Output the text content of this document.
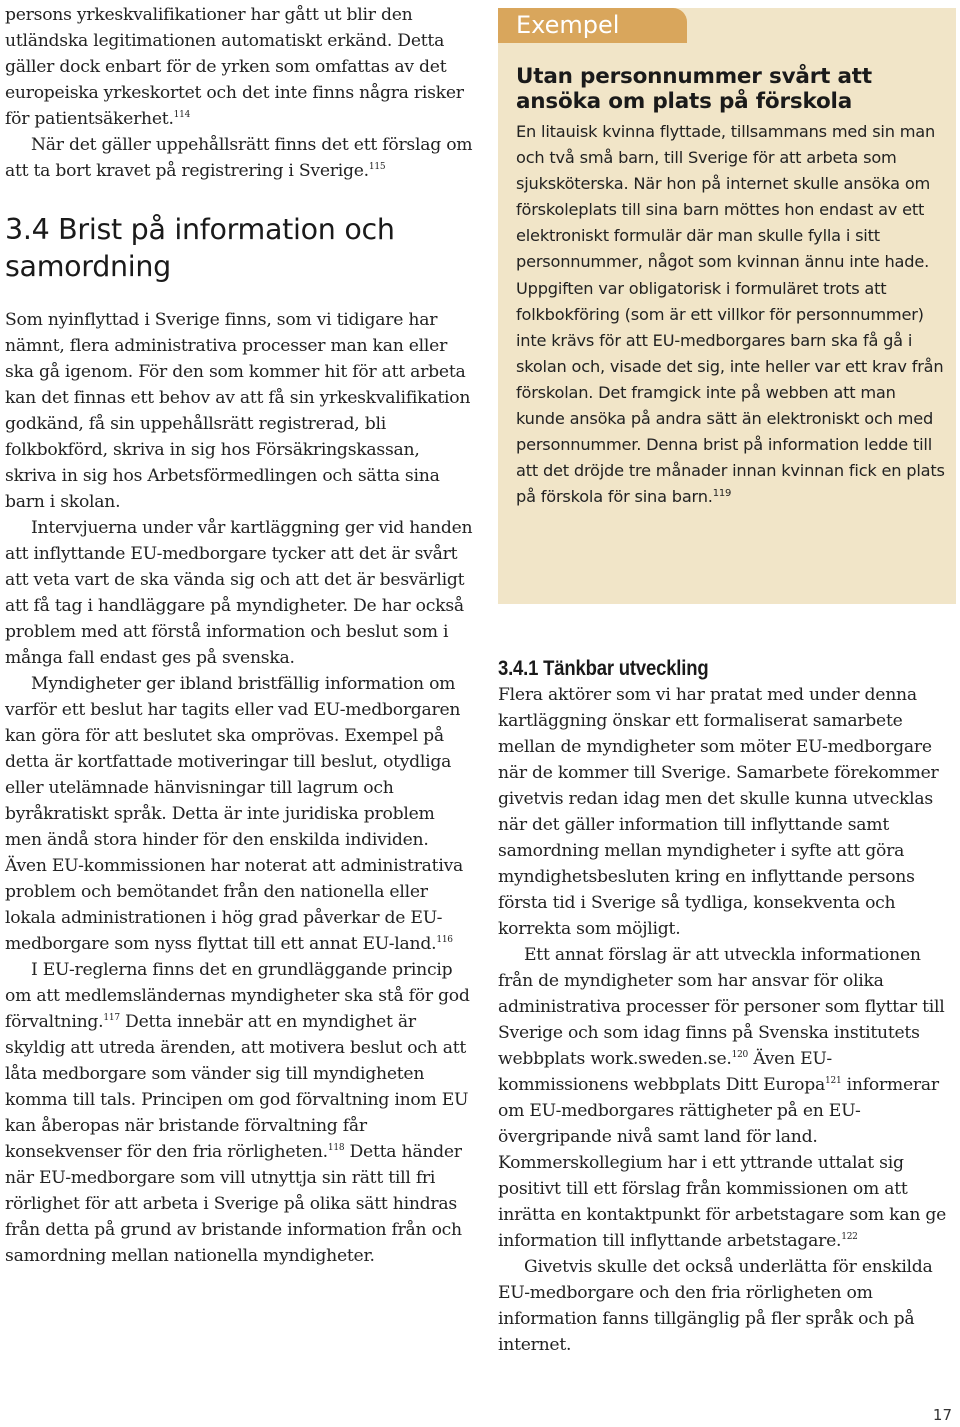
persons yrkeskvalifikationer har gått ut blir den utländska legitimationen automatiskt erkänd. Detta gäller dock enbart för de yrken som omfattas av det europeiska yrkeskortet och det inte finns några risker för patientsäkerhet.$^{114}$

När det gäller uppehållsrätt finns det ett förslag om att ta bort kravet på registrering i Sverige.$^{115}$

3.4 Brist på information och samordning

Som nyinflyttad i Sverige finns, som vi tidigare har nämnt, flera administrativa processer man kan eller ska gå igenom. För den som kommer hit för att arbeta kan det finnas ett behov av att få sin yrkeskvalifikation godkänd, få sin uppehållsrätt registrerad, bli folkbokförd, skriva in sig hos Försäkringskassan, skriva in sig hos Arbetsförmedlingen och sätta sina barn i skolan.

Intervjuerna under vår kartläggning ger vid handen att inflyttande EU-medborgare tycker att det är svårt att veta vart de ska vända sig och att det är besvärligt att få tag i handläggare på myndigheter. De har också problem med att förstå information och beslut som i många fall endast ges på svenska.

Myndigheter ger ibland bristfällig information om varför ett beslut har tagits eller vad EU-medborgaren kan göra för att beslutet ska omprövas. Exempel på detta är kortfattade motiveringar till beslut, otydliga eller utelämnade hänvisningar till lagrum och byråkratiskt språk. Detta är inte juridiska problem men ändå stora hinder för den enskilda individen. Även EU-kommissionen har noterat att administrativa problem och bemötandet från den nationella eller lokala administrationen i hög grad påverkar de EU-medborgare som nyss flyttat till ett annat EU-land.$^{116}$

I EU-reglerna finns det en grundläggande princip om att medlemsländernas myndigheter ska stå för god förvaltning.$^{117}$ Detta innebär att en myndighet är skyldig att utreda ärenden, att motivera beslut och att låta medborgare som vänder sig till myndigheten komma till tals. Principen om god förvaltning inom EU kan åberopas när bristande förvaltning får konsekvenser för den fria rörligheten.$^{118}$ Detta händer när EU-medborgare som vill utnyttja sin rätt till fri rörlighet för att arbeta i Sverige på olika sätt hindras från detta på grund av bristande information från och samordning mellan nationella myndigheter.

Exempel
Utan personnummer svårt att ansöka om plats på förskola

En litauisk kvinna flyttade, tillsammans med sin man och två små barn, till Sverige för att arbeta som sjuksköterska. När hon på internet skulle ansöka om förskoleplats till sina barn möttes hon endast av ett elektroniskt formulär där man skulle fylla i sitt personnummer, något som kvinnan ännu inte hade. Uppgiften var obligatorisk i formuläret trots att folkbokföring (som är ett villkor för personnummer) inte krävs för att EU-medborgares barn ska få gå i skolan och, visade det sig, inte heller var ett krav från förskolan. Det framgick inte på webben att man kunde ansöka på andra sätt än elektroniskt och med personnummer. Denna brist på information ledde till att det dröjde tre månader innan kvinnan fick en plats på förskola för sina barn.$^{119}$

3.4.1 Tänkbar utveckling

Flera aktörer som vi har pratat med under denna kartläggning önskar ett formaliserat samarbete mellan de myndigheter som möter EU-medborgare när de kommer till Sverige. Samarbete förekommer givetvis redan idag men det skulle kunna utvecklas när det gäller information till inflyttande samt samordning mellan myndigheter i syfte att göra myndighetsbesluten kring en inflyttande persons första tid i Sverige så tydliga, konsekventa och korrekta som möjligt.

Ett annat förslag är att utveckla informationen från de myndigheter som har ansvar för olika administrativa processer för personer som flyttar till Sverige och som idag finns på Svenska institutets webbplats work.sweden.se.$^{120}$ Även EU-kommissionens webbplats Ditt Europa$^{121}$ informerar om EU-medborgares rättigheter på en EU-övergripande nivå samt land för land. Kommerskollegium har i ett yttrande uttalat sig positivt till ett förslag från kommissionen om att inrätta en kontaktpunkt för arbetstagare som kan ge information till inflyttande arbetstagare.$^{122}$

Givetvis skulle det också underlätta för enskilda EU-medborgare och den fria rörligheten om information fanns tillgänglig på fler språk och på internet.

17
